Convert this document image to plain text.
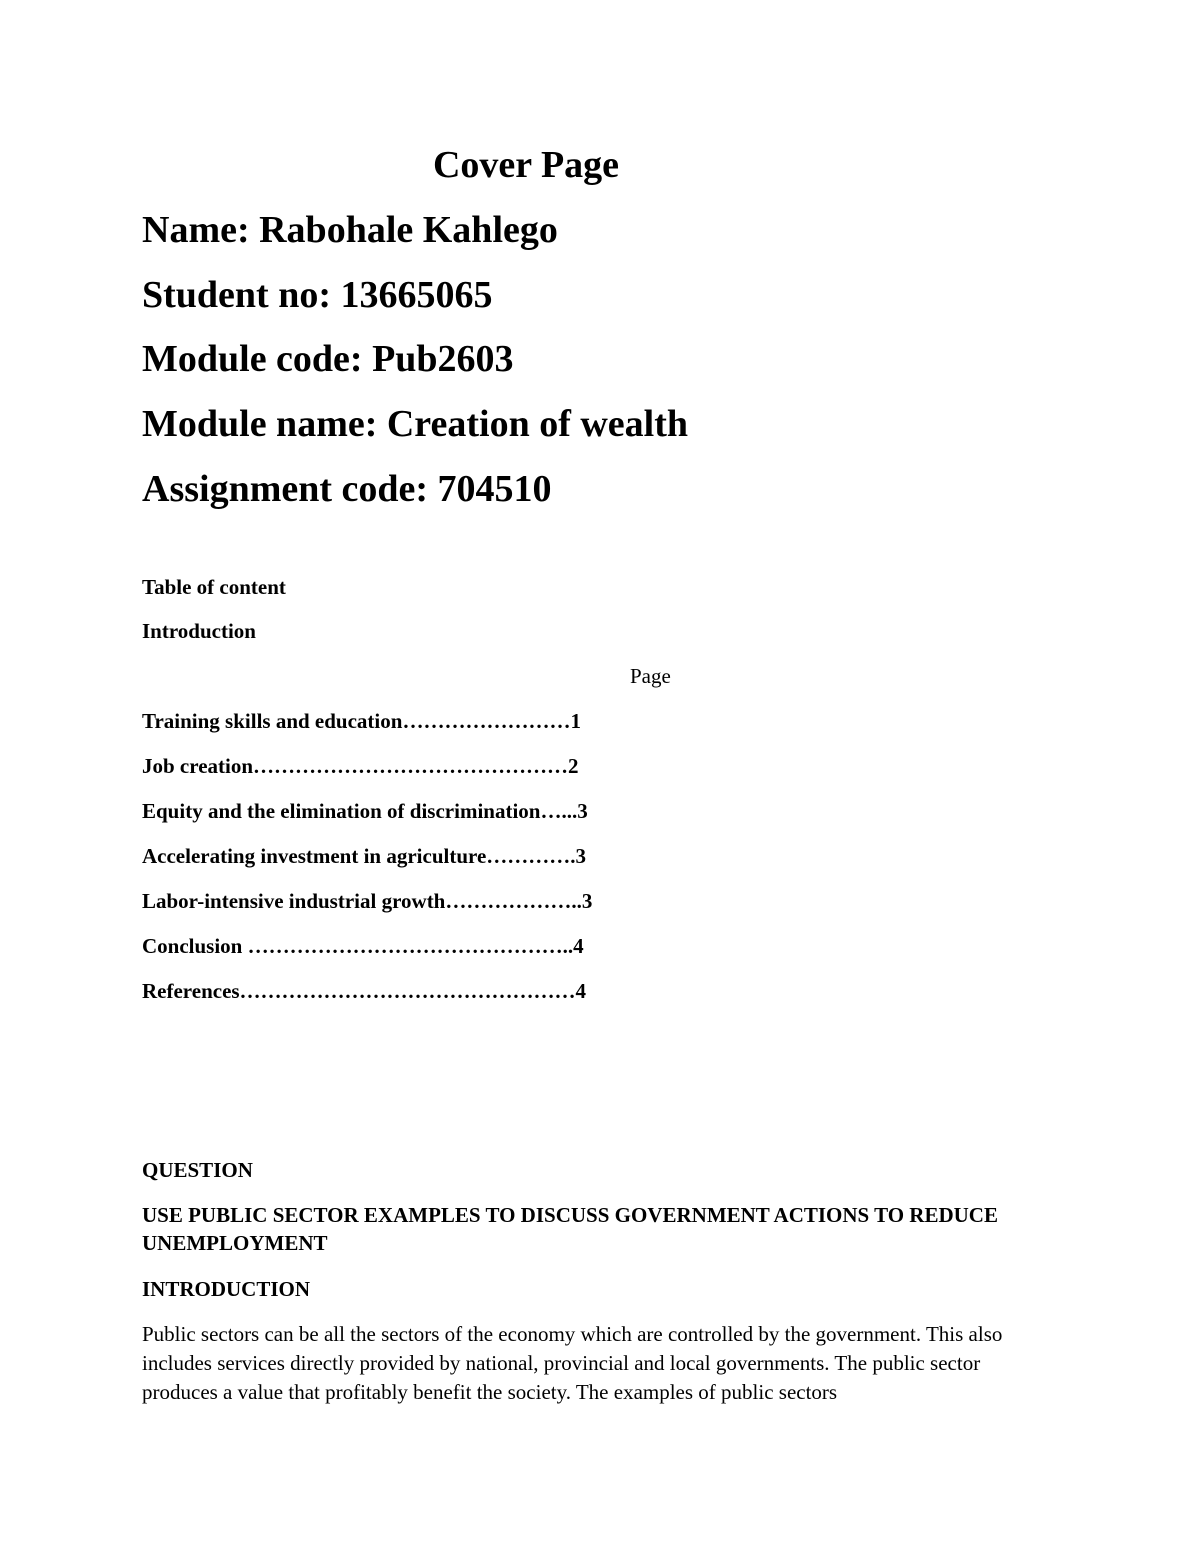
Cover Page

Name: Rabohale Kahlego

Student no: 13665065

Module code: Pub2603

Module name: Creation of wealth

Assignment code: 704510

Table of content

Introduction

Page

Training skills and education……………………1

Job creation………………………………………2

Equity and the elimination of discrimination…...3

Accelerating investment in agriculture………….3

Labor-intensive industrial growth………………..3

Conclusion ………………………………………..4

References…………………………………………4

QUESTION

USE PUBLIC SECTOR EXAMPLES TO DISCUSS GOVERNMENT ACTIONS TO REDUCE UNEMPLOYMENT

INTRODUCTION

Public sectors can be all the sectors of the economy which are controlled by the government. This also includes services directly provided by national, provincial and local governments. The public sector produces a value that profitably benefit the society. The examples of public sectors
